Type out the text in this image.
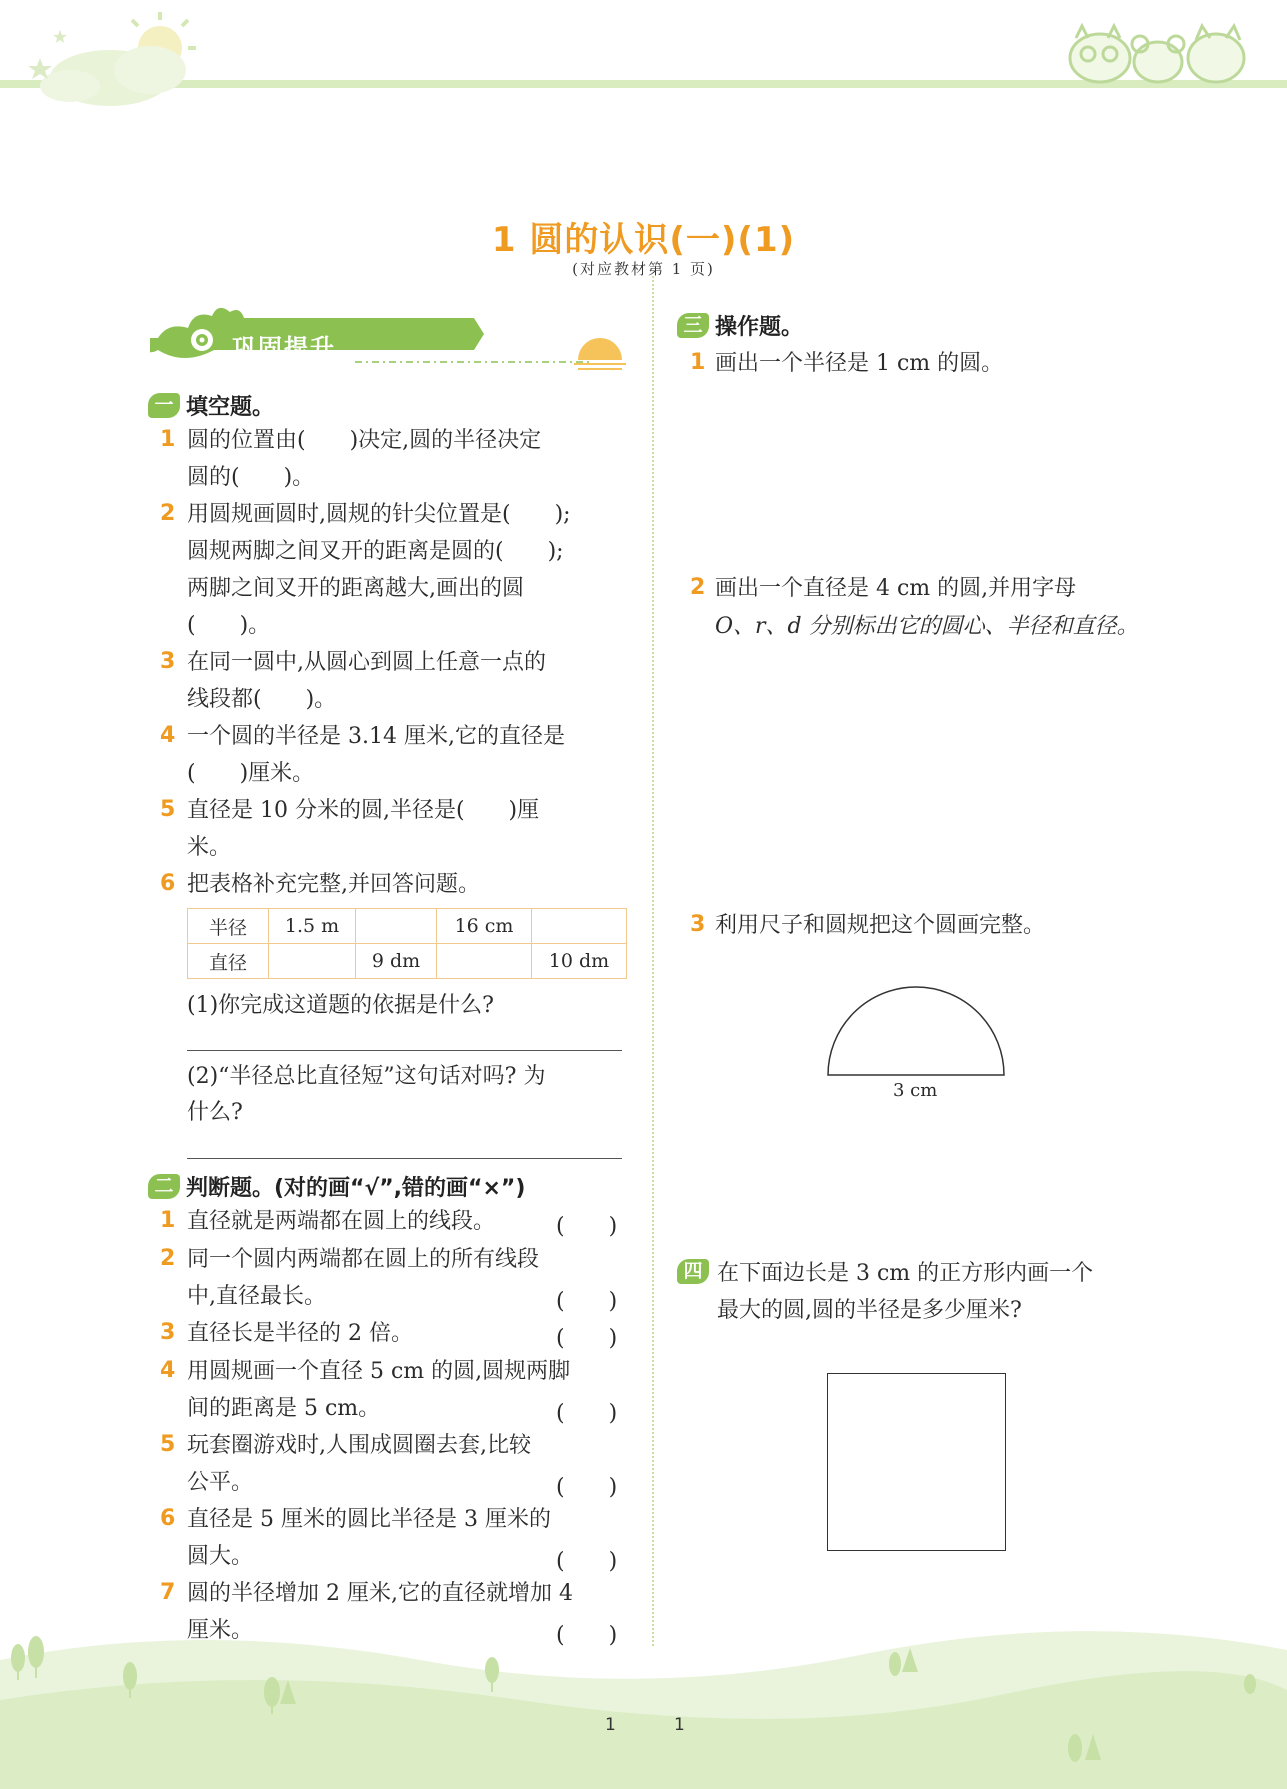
1 圆的认识(一)(1)
(对应教材第 1 页)
巩固提升
一 填空题。
1 圆的位置由(　　)决定,圆的半径决定
圆的(　　)。
2 用圆规画圆时,圆规的针尖位置是(　　);
圆规两脚之间叉开的距离是圆的(　　);
两脚之间叉开的距离越大,画出的圆
(　　)。
3 在同一圆中,从圆心到圆上任意一点的
线段都(　　)。
4 一个圆的半径是 3.14 厘米,它的直径是
(　　)厘米。
5 直径是 10 分米的圆,半径是(　　)厘
米。
6 把表格补充完整,并回答问题。
半径	1.5 m		16 cm	
直径		9 dm		10 dm
(1)你完成这道题的依据是什么?
(2)“半径总比直径短”这句话对吗? 为
什么?
二 判断题。(对的画“√”,错的画“×”)
1 直径就是两端都在圆上的线段。	(　　)
2 同一个圆内两端都在圆上的所有线段
中,直径最长。	(　　)
3 直径长是半径的 2 倍。	(　　)
4 用圆规画一个直径 5 cm 的圆,圆规两脚
间的距离是 5 cm。	(　　)
5 玩套圈游戏时,人围成圆圈去套,比较
公平。	(　　)
6 直径是 5 厘米的圆比半径是 3 厘米的
圆大。	(　　)
7 圆的半径增加 2 厘米,它的直径就增加 4
厘米。	(　　)
三 操作题。
1 画出一个半径是 1 cm 的圆。
2 画出一个直径是 4 cm 的圆,并用字母
O、r、d 分别标出它的圆心、半径和直径。
3 利用尺子和圆规把这个圆画完整。
3 cm
四 在下面边长是 3 cm 的正方形内画一个
最大的圆,圆的半径是多少厘米?
1	1
